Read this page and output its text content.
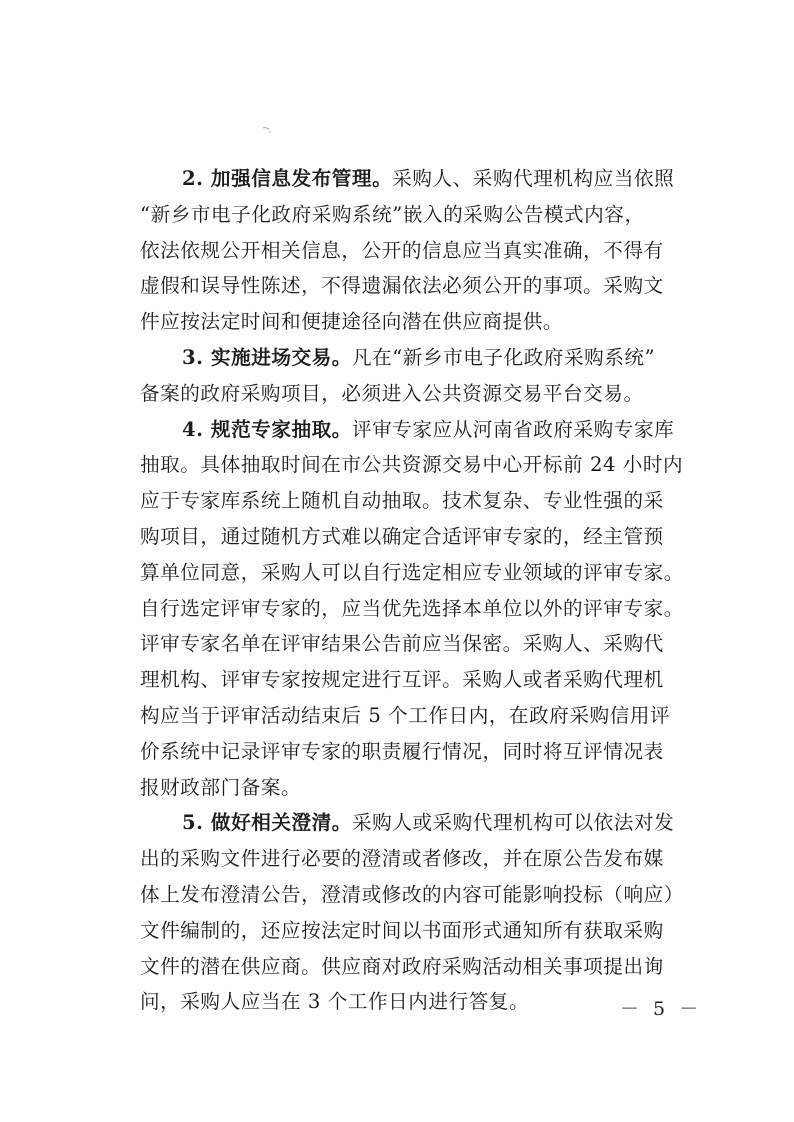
2. 加强信息发布管理。采购人、采购代理机构应当依照
“新乡市电子化政府采购系统”嵌入的采购公告模式内容，
依法依规公开相关信息，公开的信息应当真实准确，不得有
虚假和误导性陈述，不得遗漏依法必须公开的事项。采购文
件应按法定时间和便捷途径向潜在供应商提供。
3. 实施进场交易。凡在“新乡市电子化政府采购系统”
备案的政府采购项目，必须进入公共资源交易平台交易。
4. 规范专家抽取。评审专家应从河南省政府采购专家库
抽取。具体抽取时间在市公共资源交易中心开标前 24 小时内
应于专家库系统上随机自动抽取。技术复杂、专业性强的采
购项目，通过随机方式难以确定合适评审专家的，经主管预
算单位同意，采购人可以自行选定相应专业领域的评审专家。
自行选定评审专家的，应当优先选择本单位以外的评审专家。
评审专家名单在评审结果公告前应当保密。采购人、采购代
理机构、评审专家按规定进行互评。采购人或者采购代理机
构应当于评审活动结束后 5 个工作日内，在政府采购信用评
价系统中记录评审专家的职责履行情况，同时将互评情况表
报财政部门备案。
5. 做好相关澄清。采购人或采购代理机构可以依法对发
出的采购文件进行必要的澄清或者修改，并在原公告发布媒
体上发布澄清公告，澄清或修改的内容可能影响投标（响应）
文件编制的，还应按法定时间以书面形式通知所有获取采购
文件的潜在供应商。供应商对政府采购活动相关事项提出询
问，采购人应当在 3 个工作日内进行答复。	－ 5 －
